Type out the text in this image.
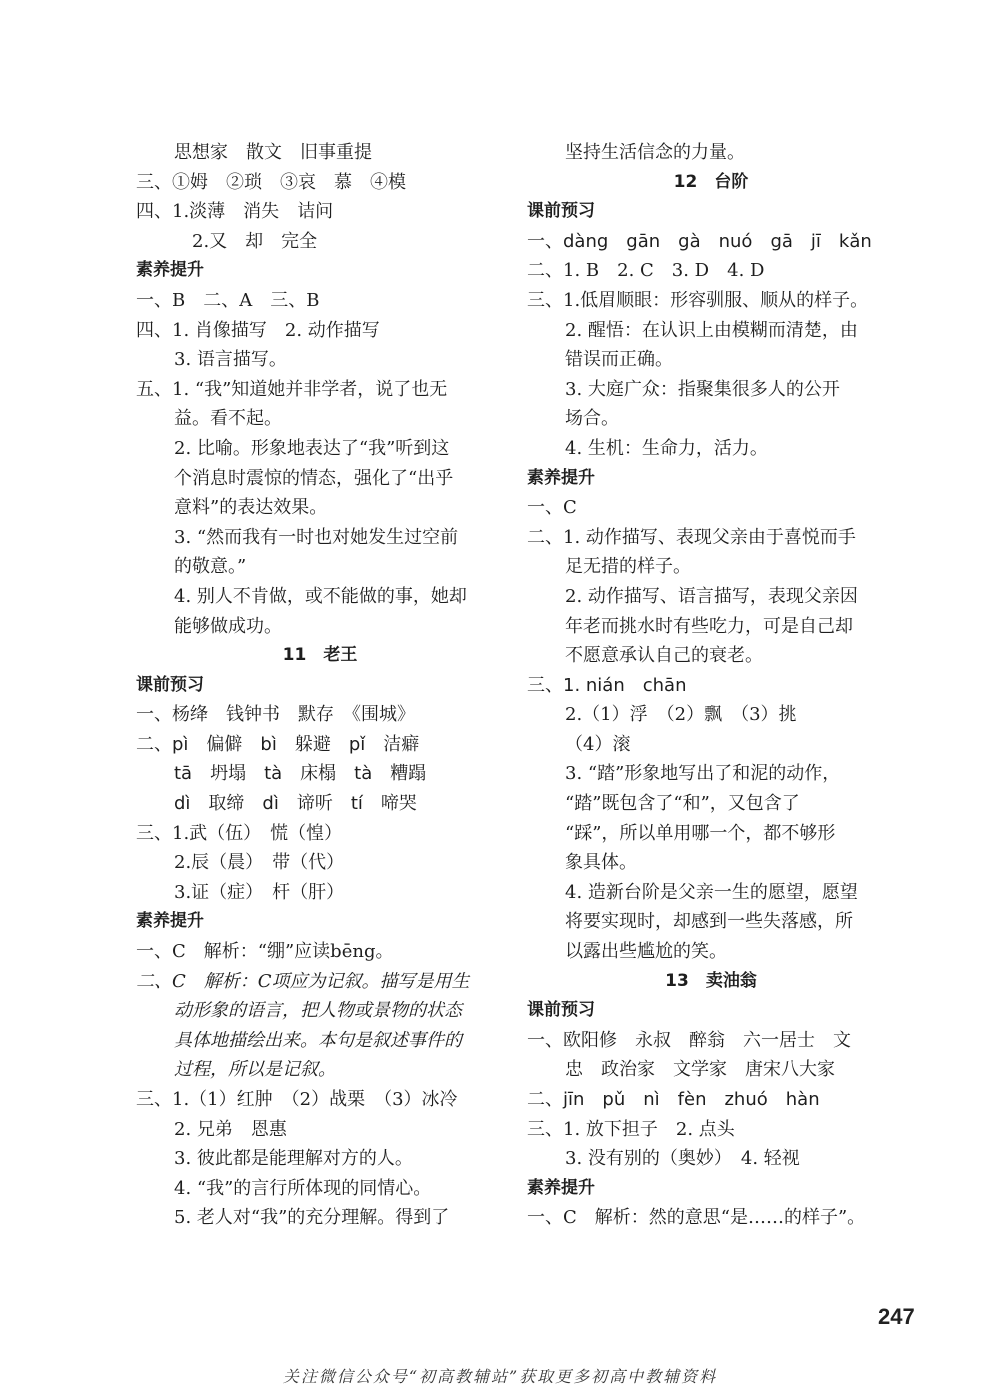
思想家　散文　旧事重提
三、①姆　②琐　③哀　慕　④模
四、1.淡薄　消失　诘问
2.又　却　完全
素养提升
一、B　二、A　三、B
四、1. 肖像描写　2. 动作描写
3. 语言描写。
五、1. “我”知道她并非学者，说了也无
益。看不起。
2. 比喻。形象地表达了“我”听到这
个消息时震惊的情态，强化了“出乎
意料”的表达效果。
3. “然而我有一时也对她发生过空前
的敬意。”
4. 别人不肯做，或不能做的事，她却
能够做成功。
11　老王
课前预习
一、杨绛　钱钟书　默存　《围城》
二、pì　偏僻　bì　躲避　pǐ　洁癖
tā　坍塌　tà　床榻　tà　糟蹋
dì　取缔　dì　谛听　tí　啼哭
三、1.武（伍）　慌（惶）
2.辰（晨）　带（代）
3.证（症）　杆（肝）
素养提升
一、C　解析：“绷”应读bēng。
二、C　解析：C项应为记叙。描写是用生
动形象的语言，把人物或景物的状态
具体地描绘出来。本句是叙述事件的
过程，所以是记叙。
三、1.（1）红肿　（2）战栗　（3）冰冷
2. 兄弟　恩惠
3. 彼此都是能理解对方的人。
4. “我”的言行所体现的同情心。
5. 老人对“我”的充分理解。得到了
坚持生活信念的力量。
12　台阶
课前预习
一、dàng　gān　gà　nuó　gā　jī　kǎn
二、1. B　2. C　3. D　4. D
三、1.低眉顺眼：形容驯服、顺从的样子。
2. 醒悟：在认识上由模糊而清楚，由
错误而正确。
3. 大庭广众：指聚集很多人的公开
场合。
4. 生机：生命力，活力。
素养提升
一、C
二、1. 动作描写、表现父亲由于喜悦而手
足无措的样子。
2. 动作描写、语言描写，表现父亲因
年老而挑水时有些吃力，可是自己却
不愿意承认自己的衰老。
三、1. nián　chān
2.（1）浮　（2）飘　（3）挑
（4）滚
3. “踏”形象地写出了和泥的动作，
“踏”既包含了“和”，又包含了
“踩”，所以单用哪一个，都不够形
象具体。
4. 造新台阶是父亲一生的愿望，愿望
将要实现时，却感到一些失落感，所
以露出些尴尬的笑。
13　卖油翁
课前预习
一、欧阳修　永叔　醉翁　六一居士　文
忠　政治家　文学家　唐宋八大家
二、jīn　pǔ　nì　fèn　zhuó　hàn
三、1. 放下担子　2. 点头
3. 没有别的（奥妙）　4. 轻视
素养提升
一、C　解析：然的意思“是……的样子”。
247
关注微信公众号“初高教辅站”获取更多初高中教辅资料
